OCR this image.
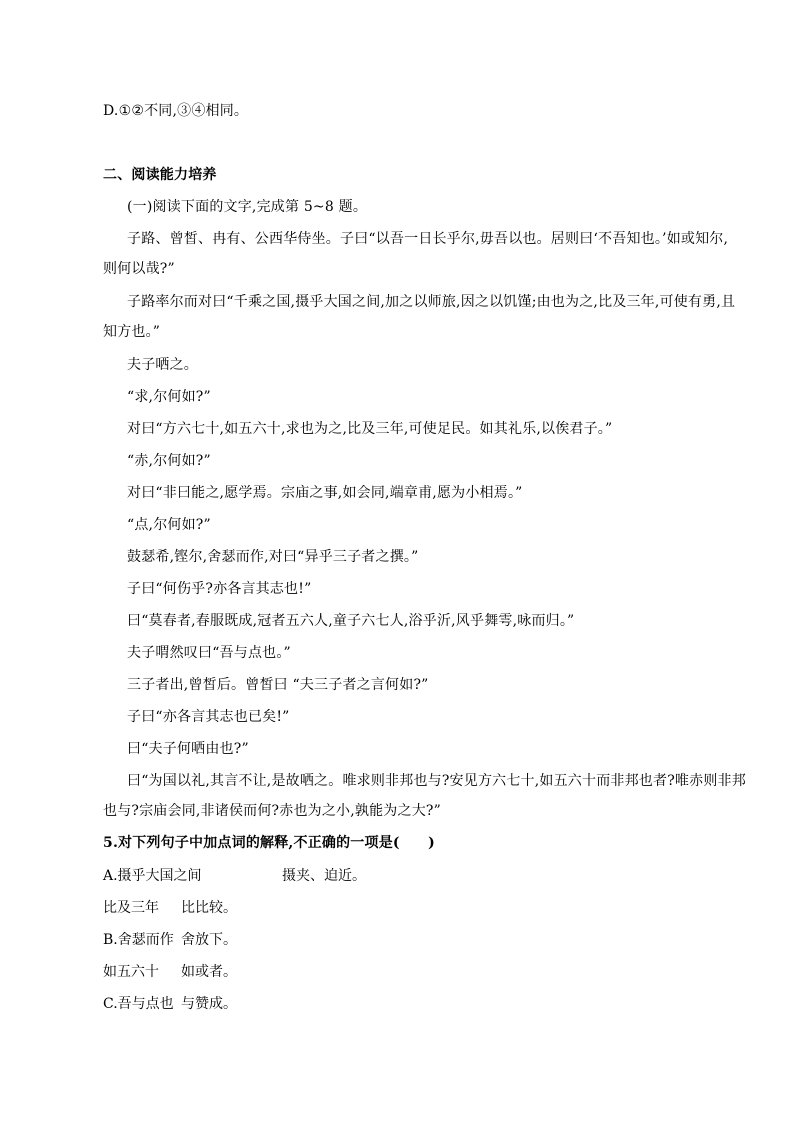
D.①②不同,③④相同。
二、阅读能力培养
(一)阅读下面的文字,完成第 5~8 题。
子路、曾皙、冉有、公西华侍坐。子曰“以吾一日长乎尔,毋吾以也。居则曰‘不吾知也。’如或知尔,
则何以哉?”
子路率尔而对曰“千乘之国,摄乎大国之间,加之以师旅,因之以饥馑;由也为之,比及三年,可使有勇,且
知方也。”
夫子哂之。
“求,尔何如?”
对曰“方六七十,如五六十,求也为之,比及三年,可使足民。如其礼乐,以俟君子。”
“赤,尔何如?”
对曰“非曰能之,愿学焉。宗庙之事,如会同,端章甫,愿为小相焉。”
“点,尔何如?”
鼓瑟希,铿尔,舍瑟而作,对曰“异乎三子者之撰。”
子曰“何伤乎?亦各言其志也!”
曰“莫春者,春服既成,冠者五六人,童子六七人,浴乎沂,风乎舞雩,咏而归。”
夫子喟然叹曰“吾与点也。”
三子者出,曾皙后。曾皙曰 “夫三子者之言何如?”
子曰“亦各言其志也已矣!”
曰“夫子何哂由也?”
曰“为国以礼,其言不让,是故哂之。唯求则非邦也与?安见方六七十,如五六十而非邦也者?唯赤则非邦
也与?宗庙会同,非诸侯而何?赤也为之小,孰能为之大?”
5.对下列句子中加点词的解释,不正确的一项是(　　)
A.摄乎大国之间	摄夹、迫近。
比及三年 比比较。
B.舍瑟而作 舍放下。
如五六十 如或者。
C.吾与点也 与赞成。
